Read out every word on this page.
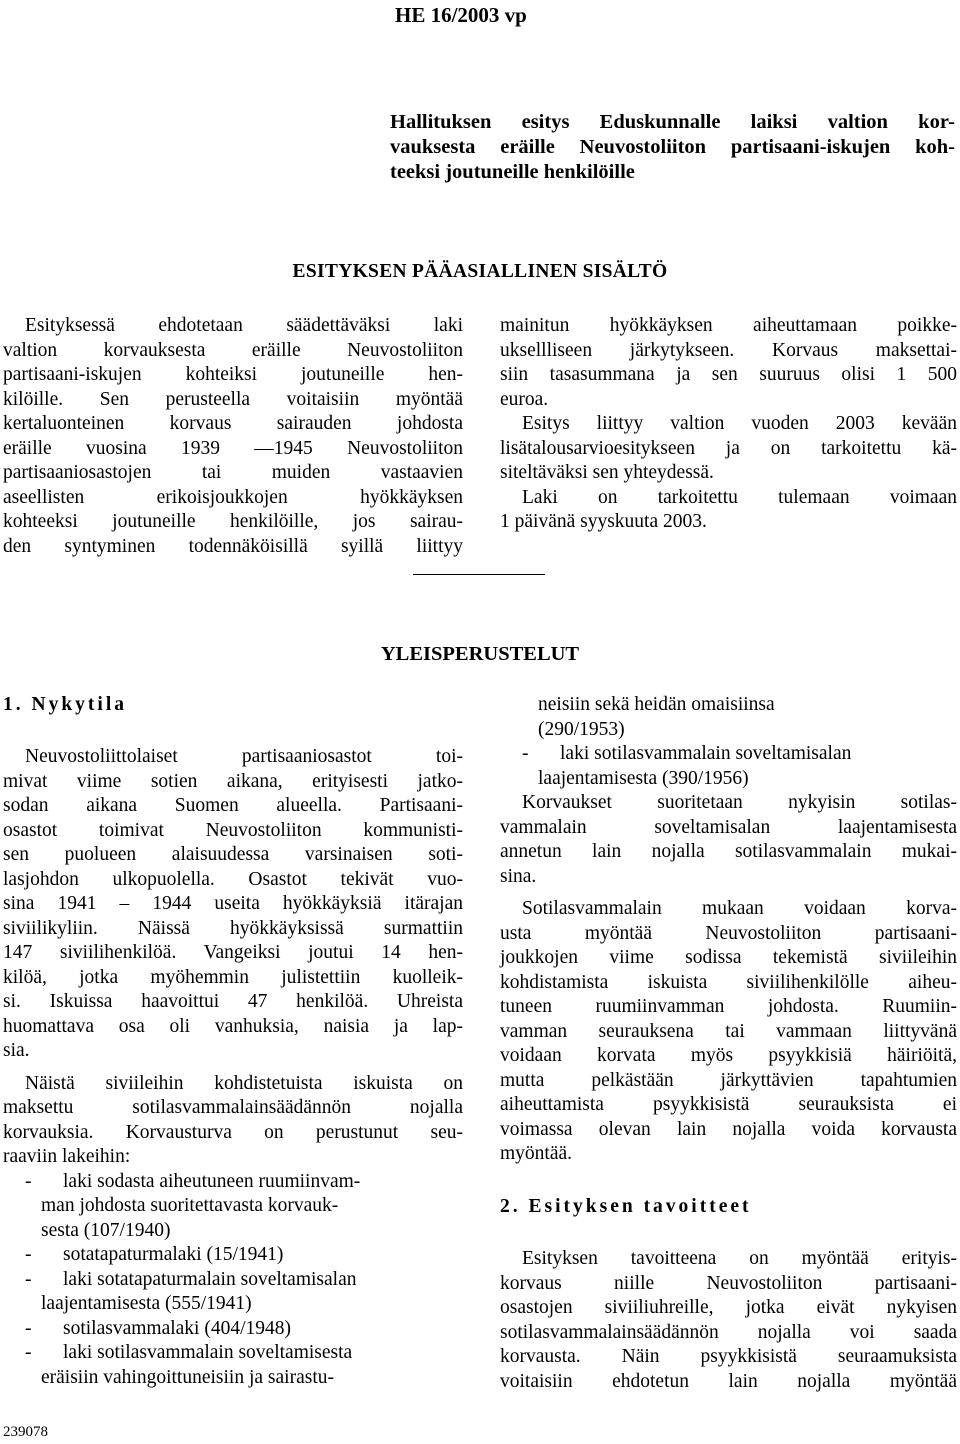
HE 16/2003 vp
Hallituksen esitys Eduskunnalle laiksi valtion kor-
vauksesta eräille Neuvostoliiton partisaani-iskujen koh-
teeksi joutuneille henkilöille
ESITYKSEN PÄÄASIALLINEN SISÄLTÖ
Esityksessä ehdotetaan säädettäväksi laki
valtion korvauksesta eräille Neuvostoliiton
partisaani-iskujen kohteiksi joutuneille hen-
kilöille. Sen perusteella voitaisiin myöntää
kertaluonteinen korvaus sairauden johdosta
eräille vuosina 1939 —1945 Neuvostoliiton
partisaaniosastojen tai muiden vastaavien
aseellisten erikoisjoukkojen hyökkäyksen
kohteeksi joutuneille henkilöille, jos sairau-
den syntyminen todennäköisillä syillä liittyy
mainitun hyökkäyksen aiheuttamaan poikke-
uksellliseen järkytykseen. Korvaus maksettai-
siin tasasummana ja sen suuruus olisi 1 500
euroa.
Esitys liittyy valtion vuoden 2003 kevään
lisätalousarvioesitykseen ja on tarkoitettu kä-
siteltäväksi sen yhteydessä.
Laki on tarkoitettu tulemaan voimaan
1 päivänä syyskuuta 2003.
YLEISPERUSTELUT
1. Nykytila
Neuvostoliittolaiset partisaaniosastot toi-
mivat viime sotien aikana, erityisesti jatko-
sodan aikana Suomen alueella. Partisaani-
osastot toimivat Neuvostoliiton kommunisti-
sen puolueen alaisuudessa varsinaisen soti-
lasjohdon ulkopuolella. Osastot tekivät vuo-
sina 1941 – 1944 useita hyökkäyksiä itärajan
siviilikyliin. Näissä hyökkäyksissä surmattiin
147 siviilihenkilöä. Vangeiksi joutui 14 hen-
kilöä, jotka myöhemmin julistettiin kuolleik-
si. Iskuissa haavoittui 47 henkilöä. Uhreista
huomattava osa oli vanhuksia, naisia ja lap-
sia.
Näistä siviileihin kohdistetuista iskuista on
maksettu sotilasvammalainsäädännön nojalla
korvauksia. Korvausturva on perustunut seu-
raaviin lakeihin:
- laki sodasta aiheutuneen ruumiinvam-
man johdosta suoritettavasta korvauk-
sesta (107/1940)
- sotatapaturmalaki (15/1941)
- laki sotatapaturmalain soveltamisalan
laajentamisesta (555/1941)
- sotilasvammalaki (404/1948)
- laki sotilasvammalain soveltamisesta
eräisiin vahingoittuneisiin ja sairastu-
neisiin sekä heidän omaisiinsa
(290/1953)
- laki sotilasvammalain soveltamisalan
laajentamisesta (390/1956)
Korvaukset suoritetaan nykyisin sotilas-
vammalain soveltamisalan laajentamisesta
annetun lain nojalla sotilasvammalain mukai-
sina.
Sotilasvammalain mukaan voidaan korva-
usta myöntää Neuvostoliiton partisaani-
joukkojen viime sodissa tekemistä siviileihin
kohdistamista iskuista siviilihenkilölle aiheu-
tuneen ruumiinvamman johdosta. Ruumiin-
vamman seurauksena tai vammaan liittyvänä
voidaan korvata myös psyykkisiä häiriöitä,
mutta pelkästään järkyttävien tapahtumien
aiheuttamista psyykkisistä seurauksista ei
voimassa olevan lain nojalla voida korvausta
myöntää.
2. Esityksen tavoitteet
Esityksen tavoitteena on myöntää erityis-
korvaus niille Neuvostoliiton partisaani-
osastojen siviiliuhreille, jotka eivät nykyisen
sotilasvammalainsäädännön nojalla voi saada
korvausta. Näin psyykkisistä seuraamuksista
voitaisiin ehdotetun lain nojalla myöntää
239078
